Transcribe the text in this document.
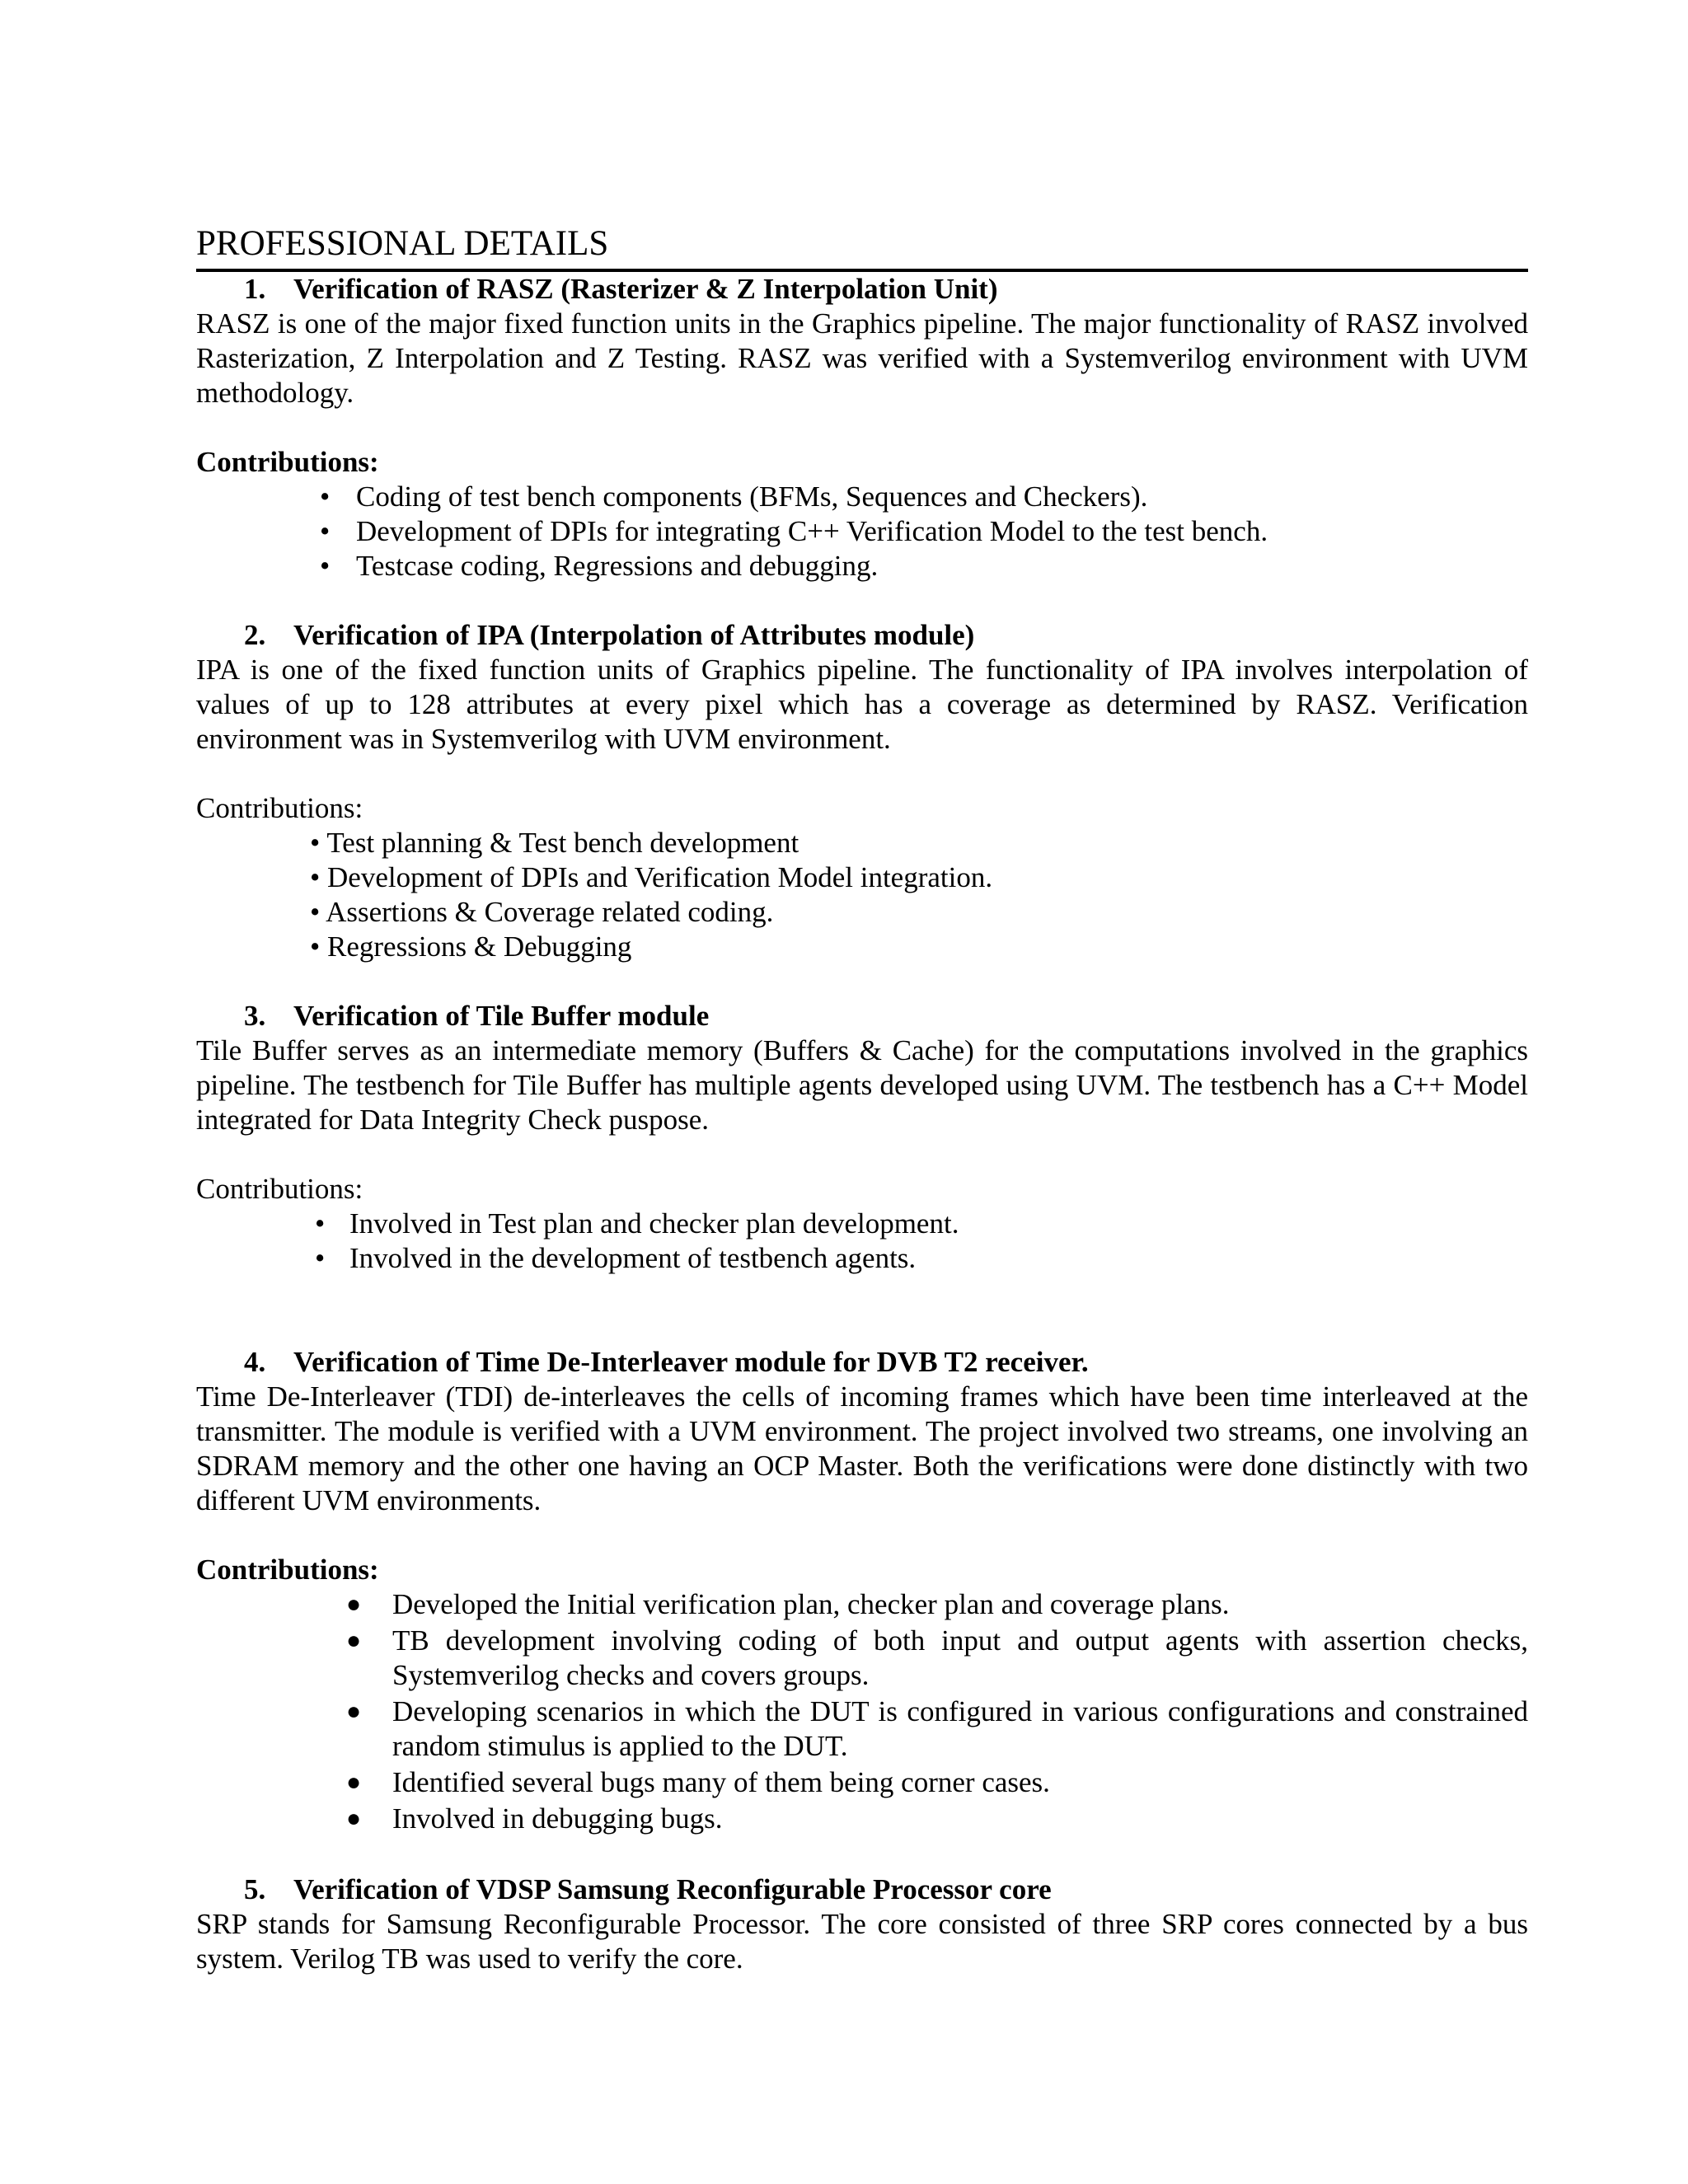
PROFESSIONAL DETAILS

1. Verification of RASZ (Rasterizer & Z Interpolation Unit)

RASZ is one of the major fixed function units in the Graphics pipeline. The major functionality of RASZ involved Rasterization, Z Interpolation and Z Testing. RASZ was verified with a Systemverilog environment with UVM methodology.

Contributions:

• Coding of test bench components (BFMs, Sequences and Checkers).
• Development of DPIs for integrating C++ Verification Model to the test bench.
• Testcase coding, Regressions and debugging.

2. Verification of IPA (Interpolation of Attributes module)

IPA is one of the fixed function units of Graphics pipeline. The functionality of IPA involves interpolation of values of up to 128 attributes at every pixel which has a coverage as determined by RASZ. Verification environment was in Systemverilog with UVM environment.

Contributions:

• Test planning & Test bench development
• Development of DPIs and Verification Model integration.
• Assertions & Coverage related coding.
• Regressions & Debugging

3. Verification of Tile Buffer module

Tile Buffer serves as an intermediate memory (Buffers & Cache) for the computations involved in the graphics pipeline. The testbench for Tile Buffer has multiple agents developed using UVM. The testbench has a C++ Model integrated for Data Integrity Check puspose.

Contributions:

• Involved in Test plan and checker plan development.
• Involved in the development of testbench agents.

4. Verification of Time De-Interleaver module for DVB T2 receiver.

Time De-Interleaver (TDI) de-interleaves the cells of incoming frames which have been time interleaved at the transmitter. The module is verified with a UVM environment. The project involved two streams, one involving an SDRAM memory and the other one having an OCP Master. Both the verifications were done distinctly with two different UVM environments.

Contributions:

● Developed the Initial verification plan, checker plan and coverage plans.
● TB development involving coding of both input and output agents with assertion checks, Systemverilog checks and covers groups.
● Developing scenarios in which the DUT is configured in various configurations and constrained random stimulus is applied to the DUT.
● Identified several bugs many of them being corner cases.
● Involved in debugging bugs.

5. Verification of VDSP Samsung Reconfigurable Processor core

SRP stands for Samsung Reconfigurable Processor. The core consisted of three SRP cores connected by a bus system. Verilog TB was used to verify the core.
